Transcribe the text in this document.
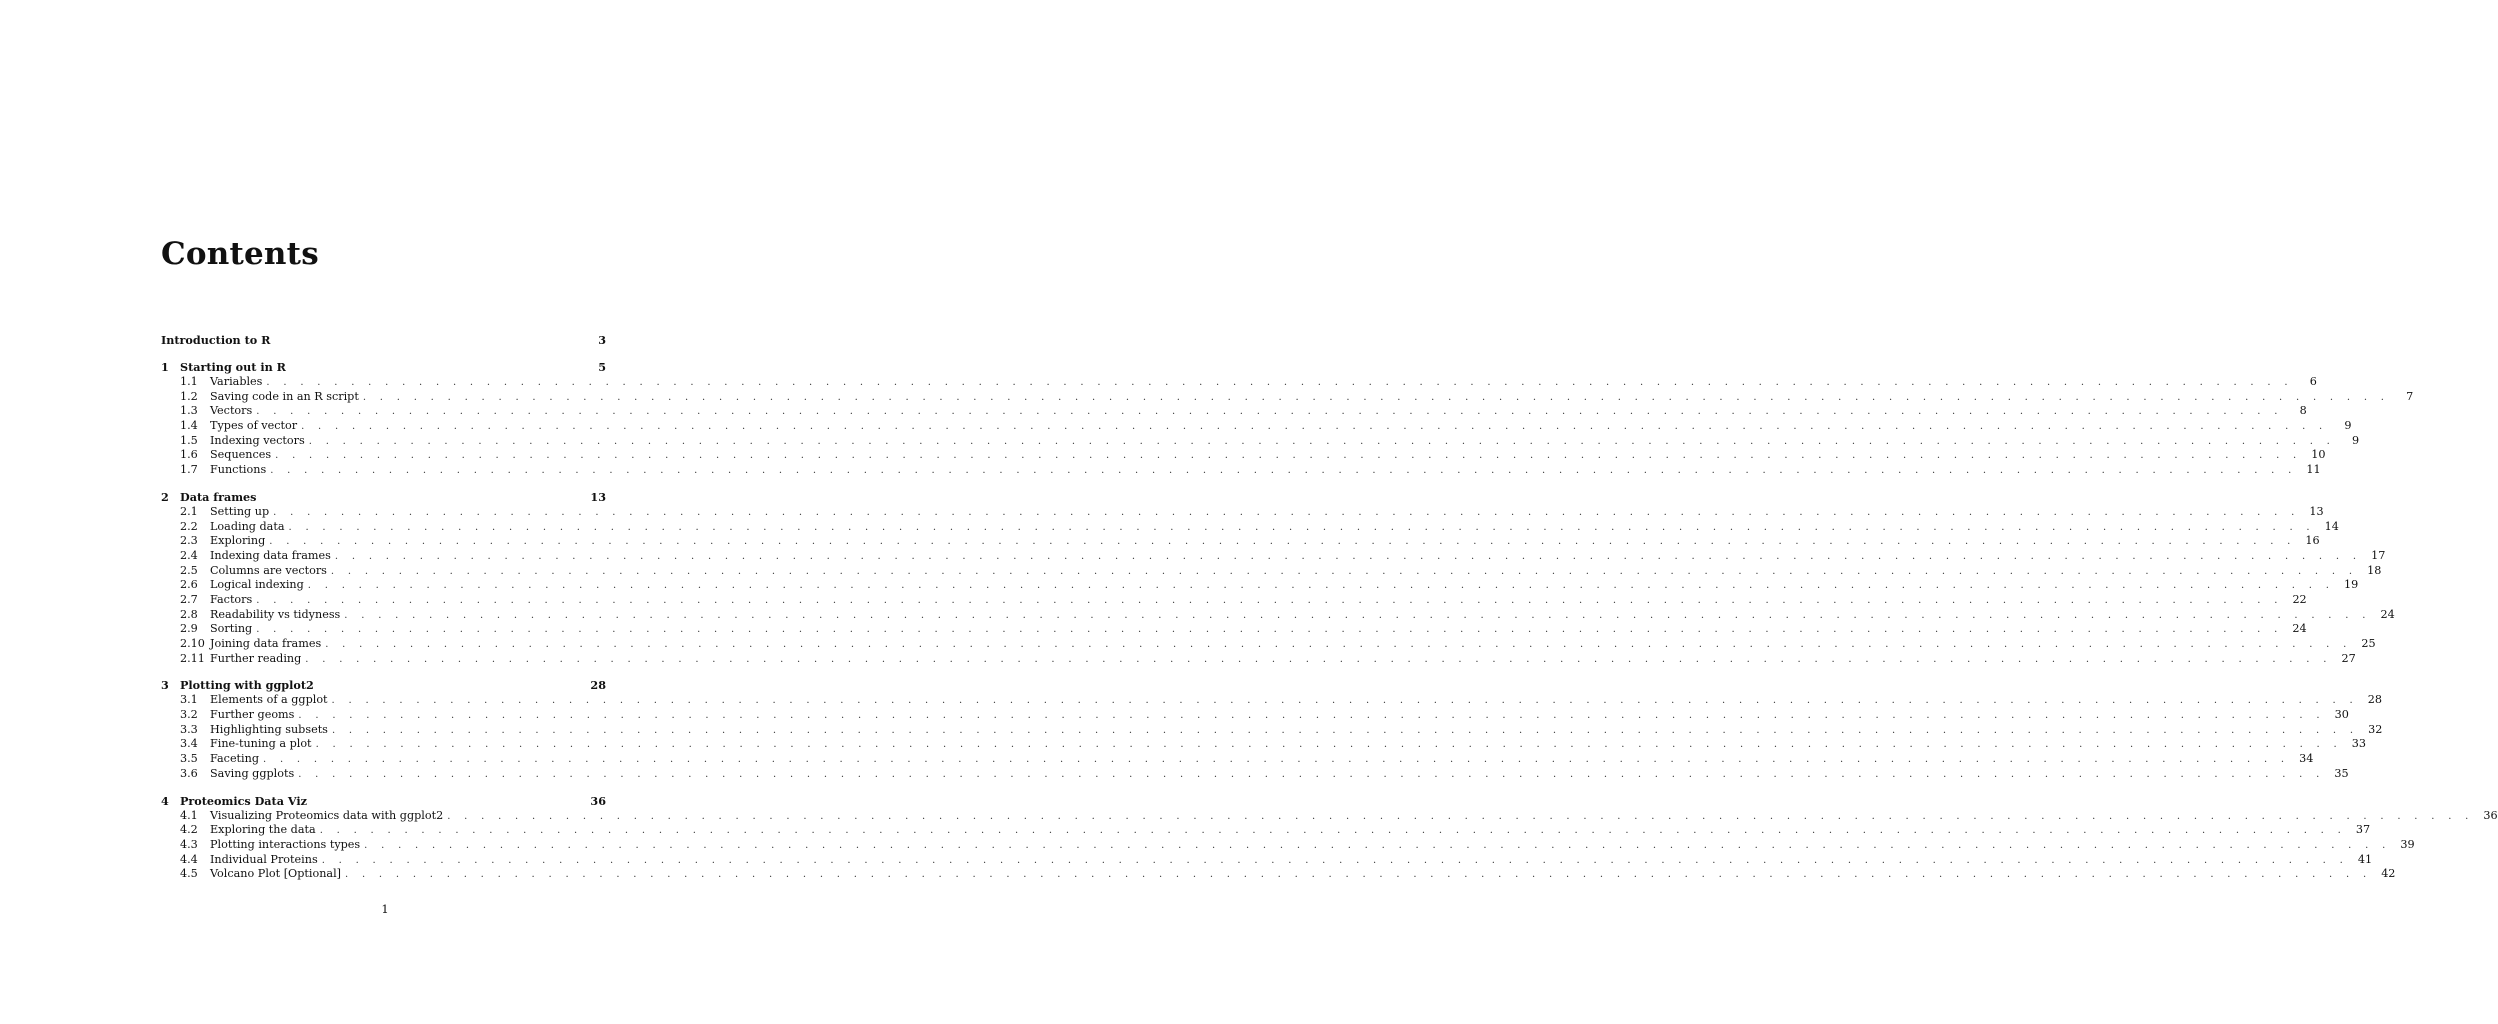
Contents
Introduction to R	3
1	Starting out in R	5
1.1	Variables . . . . . . . . . . . . . . . . . . . . . . . . . . . . . . . . . . . . . . . . . . . . . . . . . . . . . . . . . . . . . . . . . . . . . . . . . . . . . . . . . . . . . . . . . . . . . . . . . . . . . . . . . . . . . . . . . . . . . . . .	6
1.2	Saving code in an R script . . . . . . . . . . . . . . . . . . . . . . . . . . . . . . . . . . . . . . . . . . . . . . . . . . . . . . . . . . . . . . . . . . . . . . . . . . . . . . . . . . . . . . . . . . . . . . . . . . . . . . . . . . . . . . . . . . . . . . . .	7
1.3	Vectors . . . . . . . . . . . . . . . . . . . . . . . . . . . . . . . . . . . . . . . . . . . . . . . . . . . . . . . . . . . . . . . . . . . . . . . . . . . . . . . . . . . . . . . . . . . . . . . . . . . . . . . . . . . . . . . . . . . . . . . .	8
1.4	Types of vector . . . . . . . . . . . . . . . . . . . . . . . . . . . . . . . . . . . . . . . . . . . . . . . . . . . . . . . . . . . . . . . . . . . . . . . . . . . . . . . . . . . . . . . . . . . . . . . . . . . . . . . . . . . . . . . . . . . . . . . .	9
1.5	Indexing vectors . . . . . . . . . . . . . . . . . . . . . . . . . . . . . . . . . . . . . . . . . . . . . . . . . . . . . . . . . . . . . . . . . . . . . . . . . . . . . . . . . . . . . . . . . . . . . . . . . . . . . . . . . . . . . . . . . . . . . . . .	9
1.6	Sequences . . . . . . . . . . . . . . . . . . . . . . . . . . . . . . . . . . . . . . . . . . . . . . . . . . . . . . . . . . . . . . . . . . . . . . . . . . . . . . . . . . . . . . . . . . . . . . . . . . . . . . . . . . . . . . . . . . . . . . . . 10
1.7	Functions . . . . . . . . . . . . . . . . . . . . . . . . . . . . . . . . . . . . . . . . . . . . . . . . . . . . . . . . . . . . . . . . . . . . . . . . . . . . . . . . . . . . . . . . . . . . . . . . . . . . . . . . . . . . . . . . . . . . . . . . 11
2	Data frames	13
2.1	Setting up . . . . . . . . . . . . . . . . . . . . . . . . . . . . . . . . . . . . . . . . . . . . . . . . . . . . . . . . . . . . . . . . . . . . . . . . . . . . . . . . . . . . . . . . . . . . . . . . . . . . . . . . . . . . . . . . . . . . . . . . 13
2.2	Loading data . . . . . . . . . . . . . . . . . . . . . . . . . . . . . . . . . . . . . . . . . . . . . . . . . . . . . . . . . . . . . . . . . . . . . . . . . . . . . . . . . . . . . . . . . . . . . . . . . . . . . . . . . . . . . . . . . . . . . . . . 14
2.3	Exploring . . . . . . . . . . . . . . . . . . . . . . . . . . . . . . . . . . . . . . . . . . . . . . . . . . . . . . . . . . . . . . . . . . . . . . . . . . . . . . . . . . . . . . . . . . . . . . . . . . . . . . . . . . . . . . . . . . . . . . . . 16
2.4	Indexing data frames . . . . . . . . . . . . . . . . . . . . . . . . . . . . . . . . . . . . . . . . . . . . . . . . . . . . . . . . . . . . . . . . . . . . . . . . . . . . . . . . . . . . . . . . . . . . . . . . . . . . . . . . . . . . . . . . . . . . . . . . 17
2.5	Columns are vectors . . . . . . . . . . . . . . . . . . . . . . . . . . . . . . . . . . . . . . . . . . . . . . . . . . . . . . . . . . . . . . . . . . . . . . . . . . . . . . . . . . . . . . . . . . . . . . . . . . . . . . . . . . . . . . . . . . . . . . . . 18
2.6	Logical indexing . . . . . . . . . . . . . . . . . . . . . . . . . . . . . . . . . . . . . . . . . . . . . . . . . . . . . . . . . . . . . . . . . . . . . . . . . . . . . . . . . . . . . . . . . . . . . . . . . . . . . . . . . . . . . . . . . . . . . . . . 19
2.7	Factors . . . . . . . . . . . . . . . . . . . . . . . . . . . . . . . . . . . . . . . . . . . . . . . . . . . . . . . . . . . . . . . . . . . . . . . . . . . . . . . . . . . . . . . . . . . . . . . . . . . . . . . . . . . . . . . . . . . . . . . . 22
2.8	Readability vs tidyness . . . . . . . . . . . . . . . . . . . . . . . . . . . . . . . . . . . . . . . . . . . . . . . . . . . . . . . . . . . . . . . . . . . . . . . . . . . . . . . . . . . . . . . . . . . . . . . . . . . . . . . . . . . . . . . . . . . . . . . . 24
2.9	Sorting . . . . . . . . . . . . . . . . . . . . . . . . . . . . . . . . . . . . . . . . . . . . . . . . . . . . . . . . . . . . . . . . . . . . . . . . . . . . . . . . . . . . . . . . . . . . . . . . . . . . . . . . . . . . . . . . . . . . . . . . 24
2.10 Joining data frames . . . . . . . . . . . . . . . . . . . . . . . . . . . . . . . . . . . . . . . . . . . . . . . . . . . . . . . . . . . . . . . . . . . . . . . . . . . . . . . . . . . . . . . . . . . . . . . . . . . . . . . . . . . . . . . . . . . . . . . . 25
2.11 Further reading . . . . . . . . . . . . . . . . . . . . . . . . . . . . . . . . . . . . . . . . . . . . . . . . . . . . . . . . . . . . . . . . . . . . . . . . . . . . . . . . . . . . . . . . . . . . . . . . . . . . . . . . . . . . . . . . . . . . . . . . 27
3	Plotting with ggplot2	28
3.1	Elements of a ggplot . . . . . . . . . . . . . . . . . . . . . . . . . . . . . . . . . . . . . . . . . . . . . . . . . . . . . . . . . . . . . . . . . . . . . . . . . . . . . . . . . . . . . . . . . . . . . . . . . . . . . . . . . . . . . . . . . . . . . . . . 28
3.2	Further geoms . . . . . . . . . . . . . . . . . . . . . . . . . . . . . . . . . . . . . . . . . . . . . . . . . . . . . . . . . . . . . . . . . . . . . . . . . . . . . . . . . . . . . . . . . . . . . . . . . . . . . . . . . . . . . . . . . . . . . . . . 30
3.3	Highlighting subsets . . . . . . . . . . . . . . . . . . . . . . . . . . . . . . . . . . . . . . . . . . . . . . . . . . . . . . . . . . . . . . . . . . . . . . . . . . . . . . . . . . . . . . . . . . . . . . . . . . . . . . . . . . . . . . . . . . . . . . . . 32
3.4	Fine-tuning a plot . . . . . . . . . . . . . . . . . . . . . . . . . . . . . . . . . . . . . . . . . . . . . . . . . . . . . . . . . . . . . . . . . . . . . . . . . . . . . . . . . . . . . . . . . . . . . . . . . . . . . . . . . . . . . . . . . . . . . . . . 33
3.5	Faceting . . . . . . . . . . . . . . . . . . . . . . . . . . . . . . . . . . . . . . . . . . . . . . . . . . . . . . . . . . . . . . . . . . . . . . . . . . . . . . . . . . . . . . . . . . . . . . . . . . . . . . . . . . . . . . . . . . . . . . . . 34
3.6	Saving ggplots . . . . . . . . . . . . . . . . . . . . . . . . . . . . . . . . . . . . . . . . . . . . . . . . . . . . . . . . . . . . . . . . . . . . . . . . . . . . . . . . . . . . . . . . . . . . . . . . . . . . . . . . . . . . . . . . . . . . . . . . 35
4	Proteomics Data Viz	36
4.1	Visualizing Proteomics data with ggplot2 . . . . . . . . . . . . . . . . . . . . . . . . . . . . . . . . . . . . . . . . . . . . . . . . . . . . . . . . . . . . . . . . . . . . . . . . . . . . . . . . . . . . . . . . . . . . . . . . . . . . . . . . . . . . . . . . . . . . . . . . 36
4.2	Exploring the data . . . . . . . . . . . . . . . . . . . . . . . . . . . . . . . . . . . . . . . . . . . . . . . . . . . . . . . . . . . . . . . . . . . . . . . . . . . . . . . . . . . . . . . . . . . . . . . . . . . . . . . . . . . . . . . . . . . . . . . . 37
4.3	Plotting interactions types . . . . . . . . . . . . . . . . . . . . . . . . . . . . . . . . . . . . . . . . . . . . . . . . . . . . . . . . . . . . . . . . . . . . . . . . . . . . . . . . . . . . . . . . . . . . . . . . . . . . . . . . . . . . . . . . . . . . . . . . 39
4.4	Individual Proteins . . . . . . . . . . . . . . . . . . . . . . . . . . . . . . . . . . . . . . . . . . . . . . . . . . . . . . . . . . . . . . . . . . . . . . . . . . . . . . . . . . . . . . . . . . . . . . . . . . . . . . . . . . . . . . . . . . . . . . . . 41
4.5	Volcano Plot [Optional] . . . . . . . . . . . . . . . . . . . . . . . . . . . . . . . . . . . . . . . . . . . . . . . . . . . . . . . . . . . . . . . . . . . . . . . . . . . . . . . . . . . . . . . . . . . . . . . . . . . . . . . . . . . . . . . . . . . . . . . . 42
1
